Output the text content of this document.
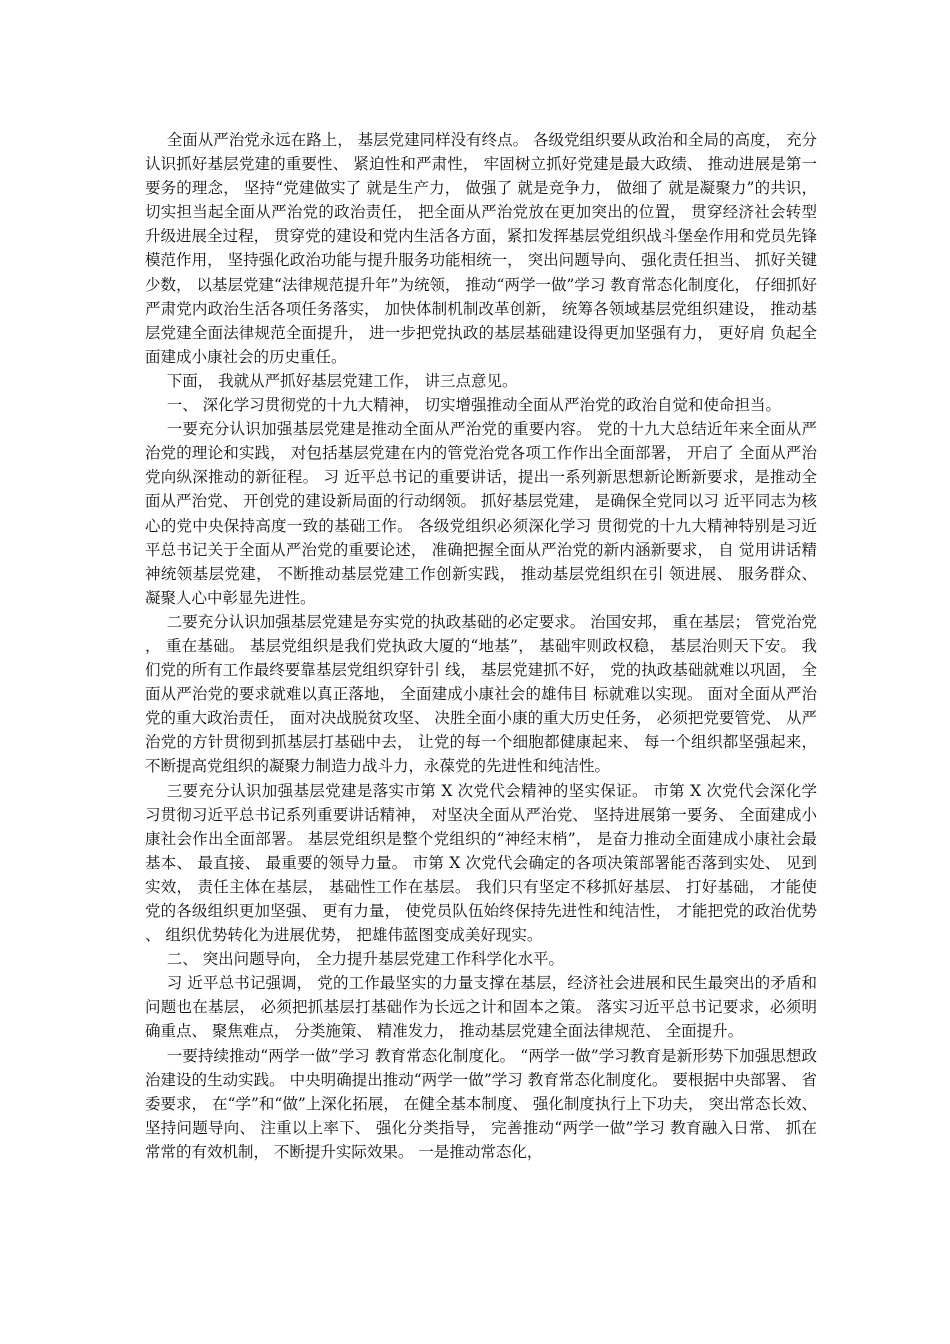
全面从严治党永远在路上， 基层党建同样没有终点。 各级党组织要从政治和全局的高度， 充分认识抓好基层党建的重要性、 紧迫性和严肃性， 牢固树立抓好党建是最大政绩、 推动进展是第一要务的理念， 坚持“党建做实了 就是生产力， 做强了 就是竞争力， 做细了 就是凝聚力”的共识， 切实担当起全面从严治党的政治责任， 把全面从严治党放在更加突出的位置， 贯穿经济社会转型升级进展全过程， 贯穿党的建设和党内生活各方面，紧扣发挥基层党组织战斗堡垒作用和党员先锋模范作用， 坚持强化政治功能与提升服务功能相统一， 突出问题导向、 强化责任担当、 抓好关键少数， 以基层党建“法律规范提升年”为统领， 推动“两学一做”学习 教育常态化制度化， 仔细抓好严肃党内政治生活各项任务落实， 加快体制机制改革创新， 统筹各领域基层党组织建设， 推动基层党建全面法律规范全面提升， 进一步把党执政的基层基础建设得更加坚强有力， 更好肩 负起全面建成小康社会的历史重任。

下面， 我就从严抓好基层党建工作， 讲三点意见。

一、 深化学习贯彻党的十九大精神， 切实增强推动全面从严治党的政治自觉和使命担当。

一要充分认识加强基层党建是推动全面从严治党的重要内容。 党的十九大总结近年来全面从严治党的理论和实践， 对包括基层党建在内的管党治党各项工作作出全面部署， 开启了 全面从严治党向纵深推动的新征程。 习 近平总书记的重要讲话，提出一系列新思想新论断新要求，是推动全面从严治党、 开创党的建设新局面的行动纲领。 抓好基层党建， 是确保全党同以习 近平同志为核心的党中央保持高度一致的基础工作。 各级党组织必须深化学习 贯彻党的十九大精神特别是习近平总书记关于全面从严治党的重要论述， 准确把握全面从严治党的新内涵新要求， 自 觉用讲话精神统领基层党建， 不断推动基层党建工作创新实践， 推动基层党组织在引 领进展、 服务群众、 凝聚人心中彰显先进性。

二要充分认识加强基层党建是夯实党的执政基础的必定要求。 治国安邦， 重在基层； 管党治党， 重在基础。 基层党组织是我们党执政大厦的“地基”， 基础牢则政权稳， 基层治则天下安。 我们党的所有工作最终要靠基层党组织穿针引 线， 基层党建抓不好， 党的执政基础就难以巩固， 全面从严治党的要求就难以真正落地， 全面建成小康社会的雄伟目 标就难以实现。 面对全面从严治党的重大政治责任， 面对决战脱贫攻坚、 决胜全面小康的重大历史任务， 必须把党要管党、 从严治党的方针贯彻到抓基层打基础中去， 让党的每一个细胞都健康起来、 每一个组织都坚强起来， 不断提高党组织的凝聚力制造力战斗力，永葆党的先进性和纯洁性。

三要充分认识加强基层党建是落实市第 X 次党代会精神的坚实保证。 市第 X 次党代会深化学习贯彻习近平总书记系列重要讲话精神， 对坚决全面从严治党、 坚持进展第一要务、 全面建成小康社会作出全面部署。 基层党组织是整个党组织的“神经末梢”， 是奋力推动全面建成小康社会最基本、 最直接、 最重要的领导力量。 市第 X 次党代会确定的各项决策部署能否落到实处、 见到实效， 责任主体在基层， 基础性工作在基层。 我们只有坚定不移抓好基层、 打好基础， 才能使党的各级组织更加坚强、 更有力量， 使党员队伍始终保持先进性和纯洁性， 才能把党的政治优势、 组织优势转化为进展优势， 把雄伟蓝图变成美好现实。

二、 突出问题导向， 全力提升基层党建工作科学化水平。

习 近平总书记强调， 党的工作最坚实的力量支撑在基层，经济社会进展和民生最突出的矛盾和问题也在基层， 必须把抓基层打基础作为长远之计和固本之策。 落实习近平总书记要求，必须明确重点、 聚焦难点， 分类施策、 精准发力， 推动基层党建全面法律规范、 全面提升。

一要持续推动“两学一做”学习 教育常态化制度化。 “两学一做”学习教育是新形势下加强思想政治建设的生动实践。 中央明确提出推动“两学一做”学习 教育常态化制度化。 要根据中央部署、 省委要求， 在“学”和“做”上深化拓展， 在健全基本制度、 强化制度执行上下功夫， 突出常态长效、 坚持问题导向、 注重以上率下、 强化分类指导， 完善推动“两学一做”学习 教育融入日常、 抓在常常的有效机制， 不断提升实际效果。 一是推动常态化，
